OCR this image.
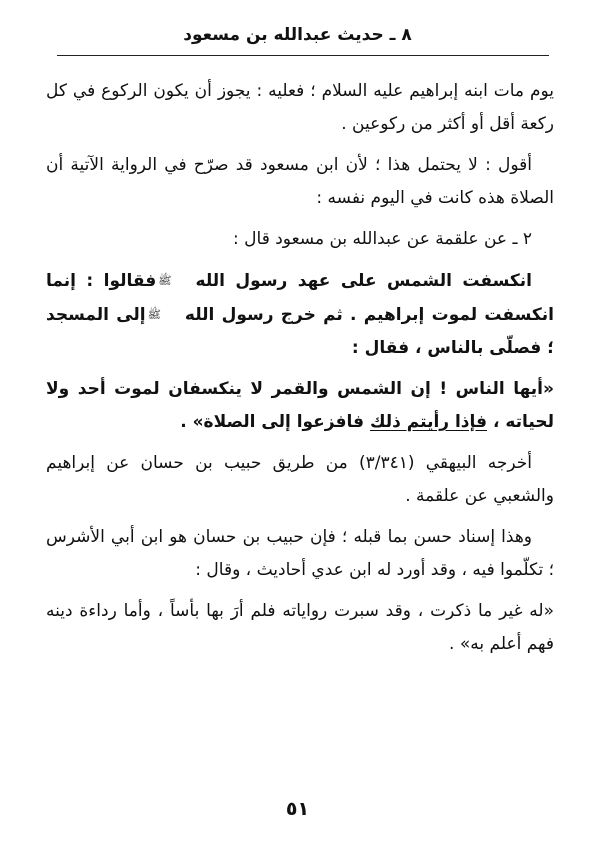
٨ ـ حديث عبدالله بن مسعود

يوم مات ابنه إبراهيم عليه السلام ؛ فعليه : يجوز أن يكون الركوع في كل ركعة أقل أو أكثر من ركوعين .

أقول : لا يحتمل هذا ؛ لأن ابن مسعود قد صرّح في الرواية الآتية أن الصلاة هذه كانت في اليوم نفسه :

٢ ـ عن علقمة عن عبدالله بن مسعود قال :

انكسفت الشمس على عهد رسول اللهﷺفقالوا : إنما انكسفت لموت إبراهيم . ثم خرج رسول اللهﷺإلى المسجد ؛ فصلّى بالناس ، فقال :

«أيها الناس ! إن الشمس والقمر لا ينكسفان لموت أحد ولا لحياته ، فإذا رأيتم ذلك فافزعوا إلى الصلاة» .

أخرجه البيهقي (٣/٣٤١) من طريق حبيب بن حسان عن إبراهيم والشعبي عن علقمة .

وهذا إسناد حسن بما قبله ؛ فإن حبيب بن حسان هو ابن أبي الأشرس ؛ تكلّموا فيه ، وقد أورد له ابن عدي أحاديث ، وقال :

«له غير ما ذكرت ، وقد سبرت رواياته فلم أرَ بها بأساً ، وأما رداءة دينه فهم أعلم به» .

٥١
